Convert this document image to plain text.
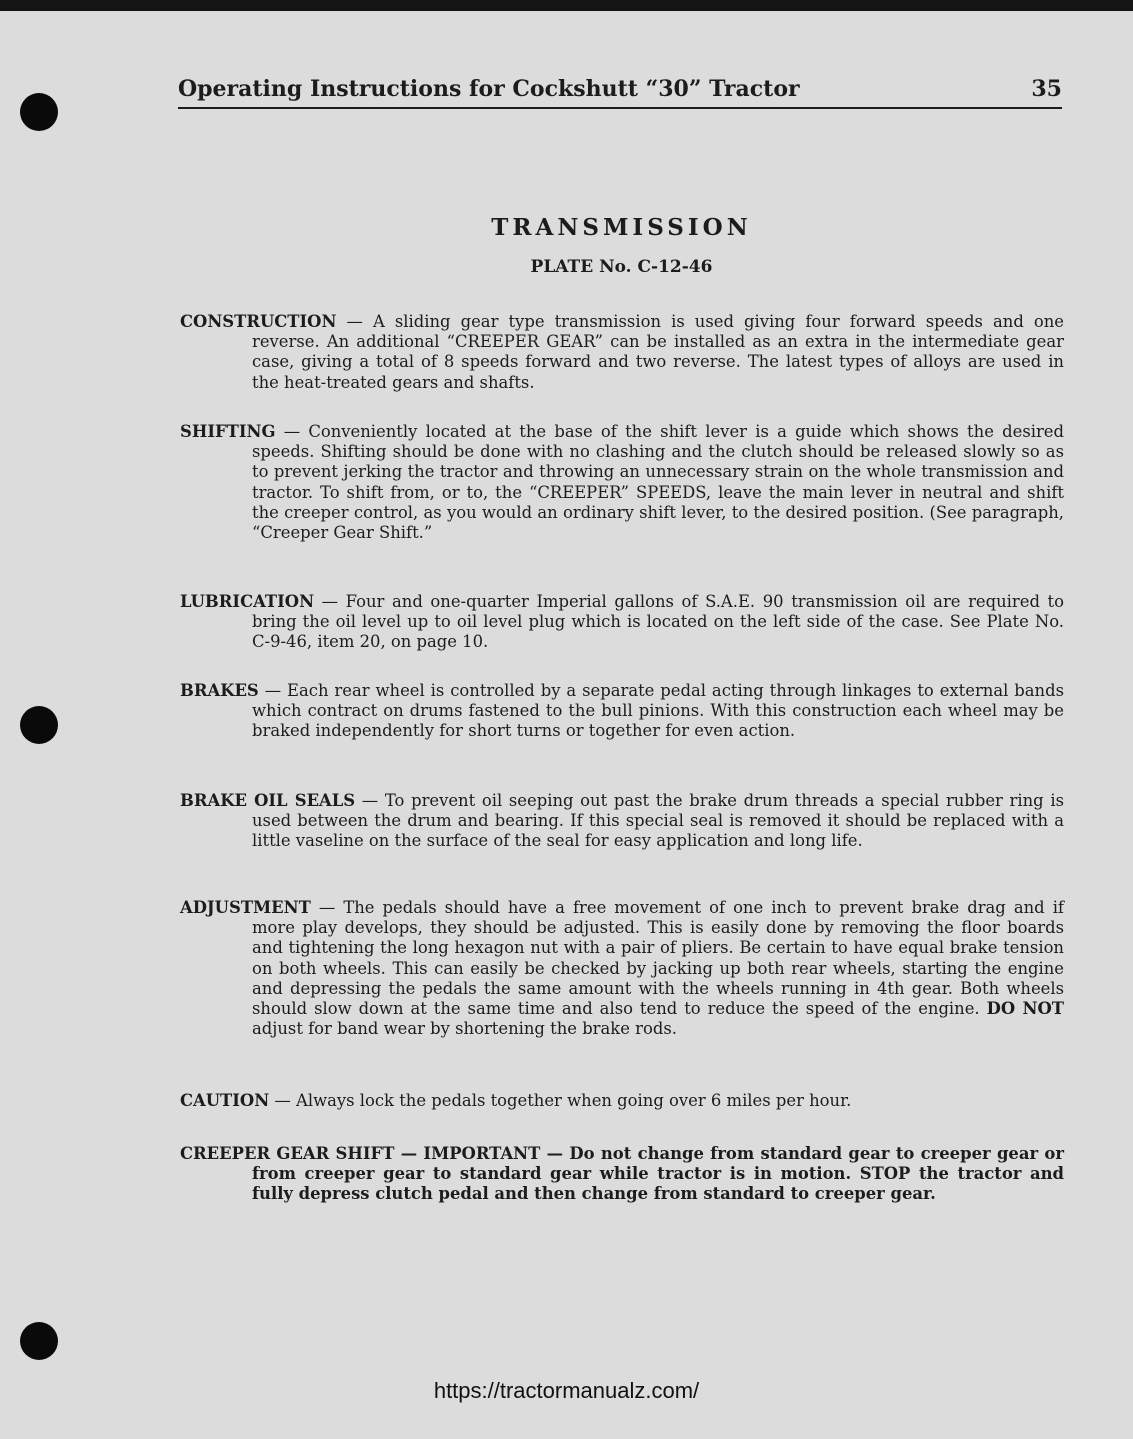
Operating Instructions for Cockshutt “30” Tractor	35
TRANSMISSION
PLATE No. C-12-46
CONSTRUCTION — A sliding gear type transmission is used giving four forward speeds and one reverse. An additional “CREEPER GEAR” can be installed as an extra in the intermediate gear case, giving a total of 8 speeds forward and two reverse. The latest types of alloys are used in the heat-treated gears and shafts.
SHIFTING — Conveniently located at the base of the shift lever is a guide which shows the desired speeds. Shifting should be done with no clashing and the clutch should be released slowly so as to prevent jerking the tractor and throwing an unnecessary strain on the whole transmission and tractor. To shift from, or to, the “CREEPER” SPEEDS, leave the main lever in neutral and shift the creeper control, as you would an ordinary shift lever, to the desired position. (See paragraph, “Creeper Gear Shift.”
LUBRICATION — Four and one-quarter Imperial gallons of S.A.E. 90 transmission oil are required to bring the oil level up to oil level plug which is located on the left side of the case. See Plate No. C-9-46, item 20, on page 10.
BRAKES — Each rear wheel is controlled by a separate pedal acting through linkages to external bands which contract on drums fastened to the bull pinions. With this construction each wheel may be braked independently for short turns or together for even action.
BRAKE OIL SEALS — To prevent oil seeping out past the brake drum threads a special rubber ring is used between the drum and bearing. If this special seal is removed it should be replaced with a little vaseline on the surface of the seal for easy application and long life.
ADJUSTMENT — The pedals should have a free movement of one inch to prevent brake drag and if more play develops, they should be adjusted. This is easily done by removing the floor boards and tightening the long hexagon nut with a pair of pliers. Be certain to have equal brake tension on both wheels. This can easily be checked by jacking up both rear wheels, starting the engine and depressing the pedals the same amount with the wheels running in 4th gear. Both wheels should slow down at the same time and also tend to reduce the speed of the engine. DO NOT adjust for band wear by shortening the brake rods.
CAUTION — Always lock the pedals together when going over 6 miles per hour.
CREEPER GEAR SHIFT — IMPORTANT — Do not change from standard gear to creeper gear or from creeper gear to standard gear while tractor is in motion. STOP the tractor and fully depress clutch pedal and then change from standard to creeper gear.
https://tractormanualz.com/
